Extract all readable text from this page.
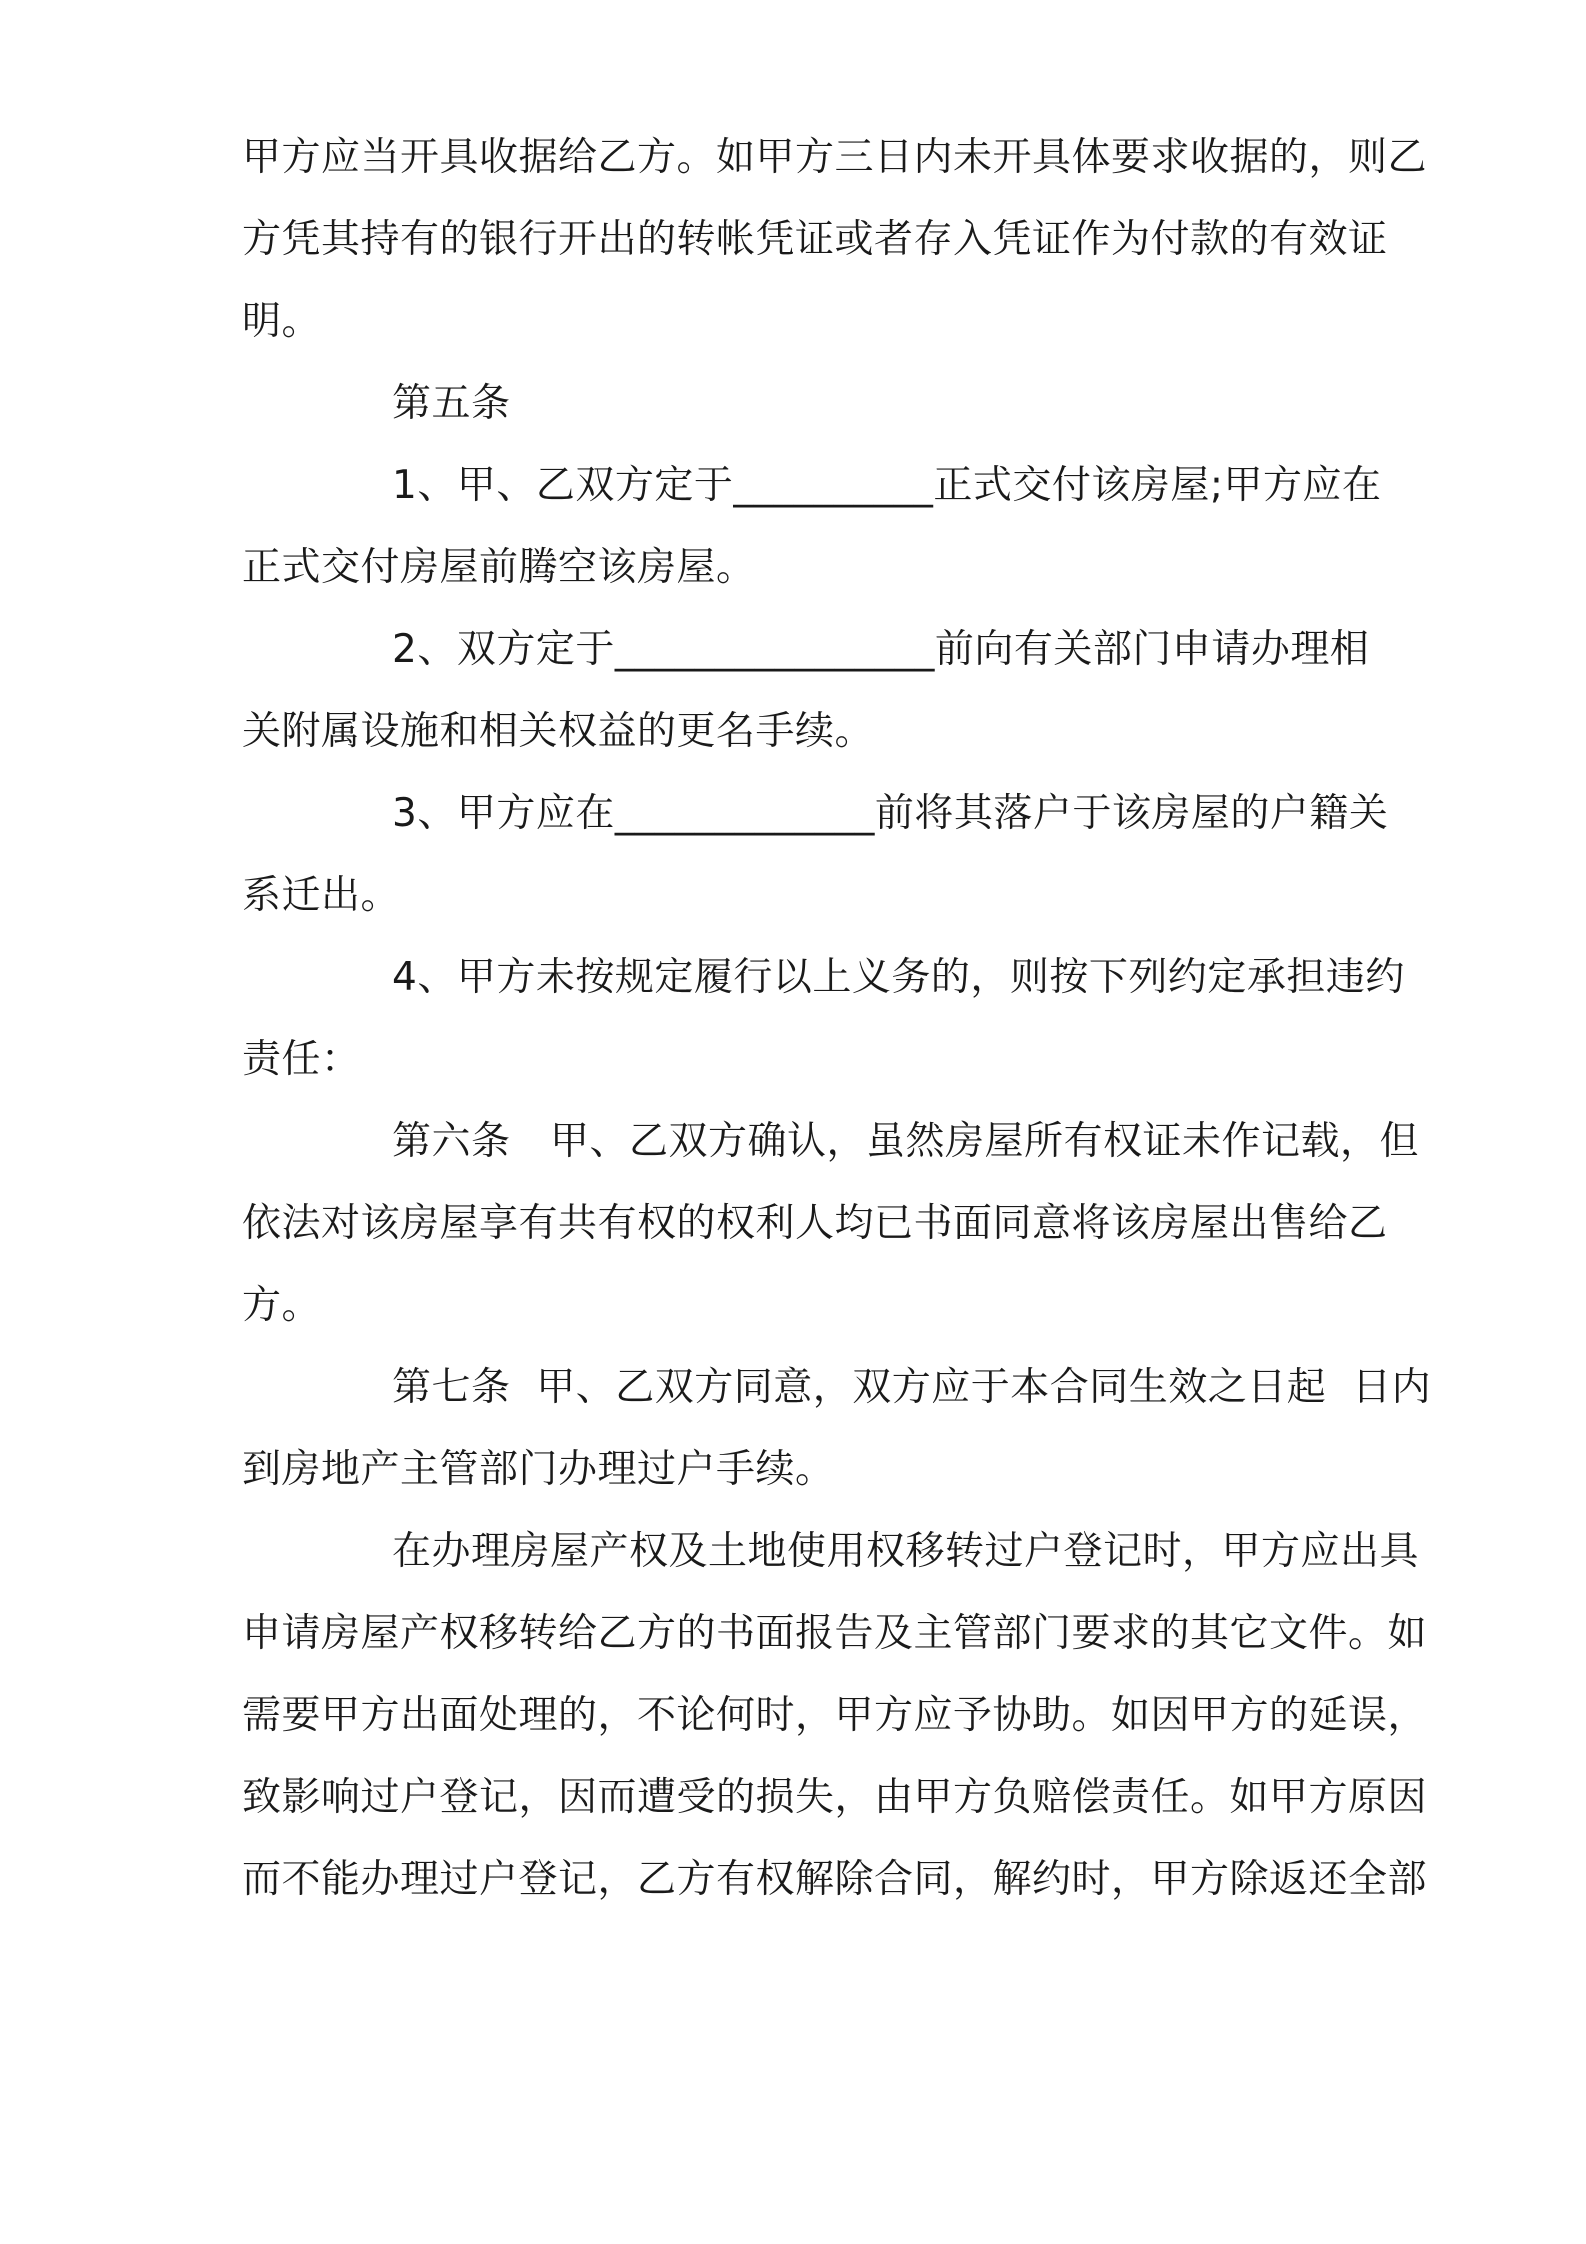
甲方应当开具收据给乙方。如甲方三日内未开具体要求收据的，则乙

方凭其持有的银行开出的转帐凭证或者存入凭证作为付款的有效证

明。

第五条

1、甲、乙双方定于__________正式交付该房屋;甲方应在

正式交付房屋前腾空该房屋。

2、双方定于________________前向有关部门申请办理相

关附属设施和相关权益的更名手续。

3、甲方应在_____________前将其落户于该房屋的户籍关

系迁出。

4、甲方未按规定履行以上义务的，则按下列约定承担违约

责任：

第六条　甲、乙双方确认，虽然房屋所有权证未作记载，但

依法对该房屋享有共有权的权利人均已书面同意将该房屋出售给乙

方。

第七条  甲、乙双方同意，双方应于本合同生效之日起  日内

到房地产主管部门办理过户手续。

在办理房屋产权及土地使用权移转过户登记时，甲方应出具

申请房屋产权移转给乙方的书面报告及主管部门要求的其它文件。如

需要甲方出面处理的，不论何时，甲方应予协助。如因甲方的延误，

致影响过户登记，因而遭受的损失，由甲方负赔偿责任。如甲方原因

而不能办理过户登记，乙方有权解除合同，解约时，甲方除返还全部
